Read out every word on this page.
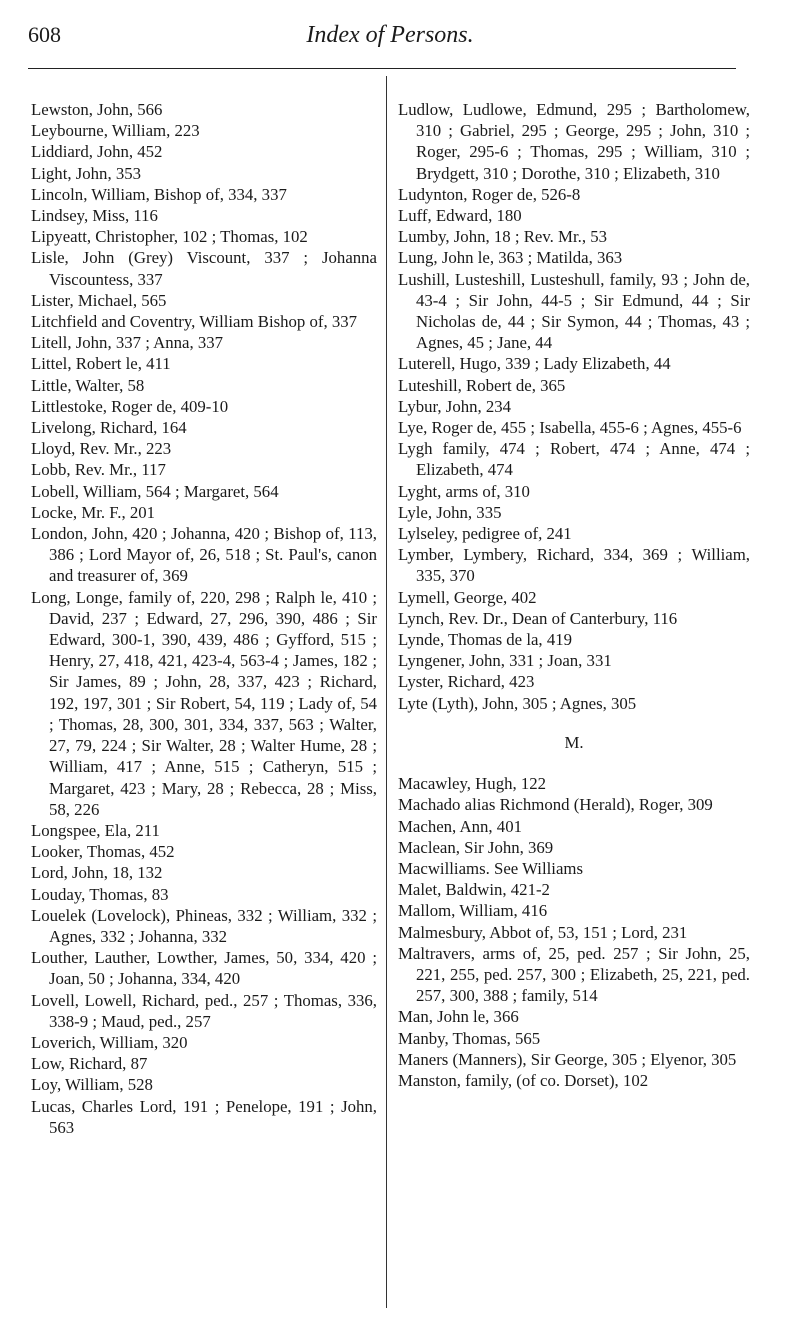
608	Index of Persons.
Lewston, John, 566
Leybourne, William, 223
Liddiard, John, 452
Light, John, 353
Lincoln, William, Bishop of, 334, 337
Lindsey, Miss, 116
Lipyeatt, Christopher, 102 ; Thomas, 102
Lisle, John (Grey) Viscount, 337 ; Johanna Viscountess, 337
Lister, Michael, 565
Litchfield and Coventry, William Bishop of, 337
Litell, John, 337 ; Anna, 337
Littel, Robert le, 411
Little, Walter, 58
Littlestoke, Roger de, 409-10
Livelong, Richard, 164
Lloyd, Rev. Mr., 223
Lobb, Rev. Mr., 117
Lobell, William, 564 ; Margaret, 564
Locke, Mr. F., 201
London, John, 420 ; Johanna, 420 ; Bishop of, 113, 386 ; Lord Mayor of, 26, 518 ; St. Paul's, canon and treasurer of, 369
Long, Longe, family of, 220, 298 ; Ralph le, 410 ; David, 237 ; Edward, 27, 296, 390, 486 ; Sir Edward, 300-1, 390, 439, 486 ; Gyfford, 515 ; Henry, 27, 418, 421, 423-4, 563-4 ; James, 182 ; Sir James, 89 ; John, 28, 337, 423 ; Richard, 192, 197, 301 ; Sir Robert, 54, 119 ; Lady of, 54 ; Thomas, 28, 300, 301, 334, 337, 563 ; Walter, 27, 79, 224 ; Sir Walter, 28 ; Walter Hume, 28 ; William, 417 ; Anne, 515 ; Catheryn, 515 ; Margaret, 423 ; Mary, 28 ; Rebecca, 28 ; Miss, 58, 226
Longspee, Ela, 211
Looker, Thomas, 452
Lord, John, 18, 132
Louday, Thomas, 83
Louelek (Lovelock), Phineas, 332 ; William, 332 ; Agnes, 332 ; Johanna, 332
Louther, Lauther, Lowther, James, 50, 334, 420 ; Joan, 50 ; Johanna, 334, 420
Lovell, Lowell, Richard, ped., 257 ; Thomas, 336, 338-9 ; Maud, ped., 257
Loverich, William, 320
Low, Richard, 87
Loy, William, 528
Lucas, Charles Lord, 191 ; Penelope, 191 ; John, 563
Ludlow, Ludlowe, Edmund, 295 ; Bartholomew, 310 ; Gabriel, 295 ; George, 295 ; John, 310 ; Roger, 295-6 ; Thomas, 295 ; William, 310 ; Brydgett, 310 ; Dorothe, 310 ; Elizabeth, 310
Ludynton, Roger de, 526-8
Luff, Edward, 180
Lumby, John, 18 ; Rev. Mr., 53
Lung, John le, 363 ; Matilda, 363
Lushill, Lusteshill, Lusteshull, family, 93 ; John de, 43-4 ; Sir John, 44-5 ; Sir Edmund, 44 ; Sir Nicholas de, 44 ; Sir Symon, 44 ; Thomas, 43 ; Agnes, 45 ; Jane, 44
Luterell, Hugo, 339 ; Lady Elizabeth, 44
Luteshill, Robert de, 365
Lybur, John, 234
Lye, Roger de, 455 ; Isabella, 455-6 ; Agnes, 455-6
Lygh family, 474 ; Robert, 474 ; Anne, 474 ; Elizabeth, 474
Lyght, arms of, 310
Lyle, John, 335
Lylseley, pedigree of, 241
Lymber, Lymbery, Richard, 334, 369 ; William, 335, 370
Lymell, George, 402
Lynch, Rev. Dr., Dean of Canterbury, 116
Lynde, Thomas de la, 419
Lyngener, John, 331 ; Joan, 331
Lyster, Richard, 423
Lyte (Lyth), John, 305 ; Agnes, 305
M.
Macawley, Hugh, 122
Machado alias Richmond (Herald), Roger, 309
Machen, Ann, 401
Maclean, Sir John, 369
Macwilliams. See Williams
Malet, Baldwin, 421-2
Mallom, William, 416
Malmesbury, Abbot of, 53, 151 ; Lord, 231
Maltravers, arms of, 25, ped. 257 ; Sir John, 25, 221, 255, ped. 257, 300 ; Elizabeth, 25, 221, ped. 257, 300, 388 ; family, 514
Man, John le, 366
Manby, Thomas, 565
Maners (Manners), Sir George, 305 ; Elyenor, 305
Manston, family, (of co. Dorset), 102
